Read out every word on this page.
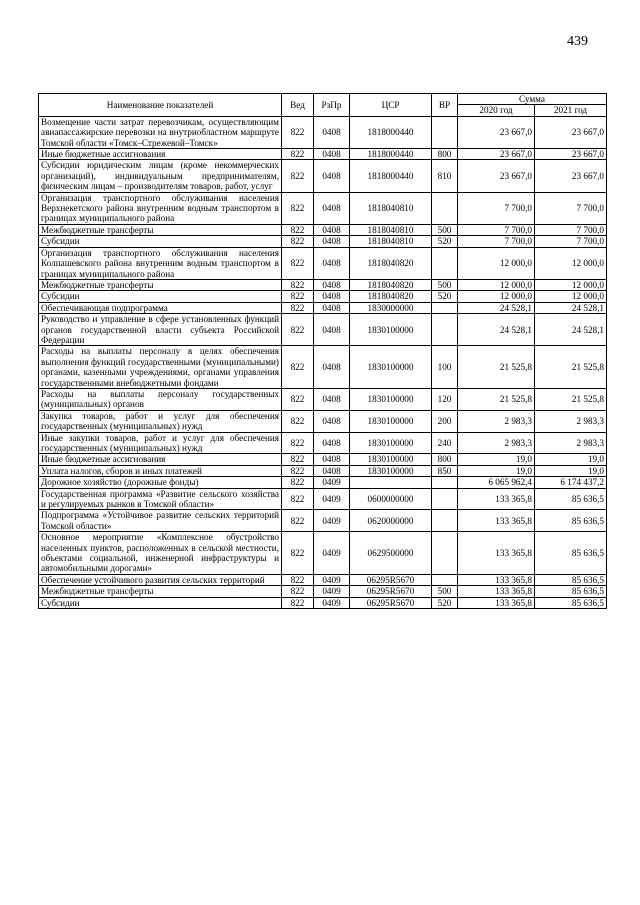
439
Наименование показателей	Вед	РзПр	ЦСР	ВР	Сумма	
					2020 год	2021 год
Возмещение части затрат перевозчикам, осуществляющим авиапассажирские перевозки на внутриобластном маршруте Томской области «Томск–Стрежевой–Томск»	822	0408	1818000440		23 667,0	23 667,0
Иные бюджетные ассигнования	822	0408	1818000440	800	23 667,0	23 667,0
Субсидии юридическим лицам (кроме некоммерческих организаций), индивидуальным предпринимателям, физическим лицам – производителям товаров, работ, услуг	822	0408	1818000440	810	23 667,0	23 667,0
Организация транспортного обслуживания населения Верхнекетского района внутренним водным транспортом в границах муниципального района	822	0408	1818040810		7 700,0	7 700,0
Межбюджетные трансферты	822	0408	1818040810	500	7 700,0	7 700,0
Субсидии	822	0408	1818040810	520	7 700,0	7 700,0
Организация транспортного обслуживания населения Колпашевского района внутренним водным транспортом в границах муниципального района	822	0408	1818040820		12 000,0	12 000,0
Межбюджетные трансферты	822	0408	1818040820	500	12 000,0	12 000,0
Субсидии	822	0408	1818040820	520	12 000,0	12 000,0
Обеспечивающая подпрограмма	822	0408	1830000000		24 528,1	24 528,1
Руководство и управление в сфере установленных функций органов государственной власти субъекта Российской Федерации	822	0408	1830100000		24 528,1	24 528,1
Расходы на выплаты персоналу в целях обеспечения выполнения функций государственными (муниципальными) органами, казенными учреждениями, органами управления государственными внебюджетными фондами	822	0408	1830100000	100	21 525,8	21 525,8
Расходы на выплаты персоналу государственных (муниципальных) органов	822	0408	1830100000	120	21 525,8	21 525,8
Закупка товаров, работ и услуг для обеспечения государственных (муниципальных) нужд	822	0408	1830100000	200	2 983,3	2 983,3
Иные закупки товаров, работ и услуг для обеспечения государственных (муниципальных) нужд	822	0408	1830100000	240	2 983,3	2 983,3
Иные бюджетные ассигнования	822	0408	1830100000	800	19,0	19,0
Уплата налогов, сборов и иных платежей	822	0408	1830100000	850	19,0	19,0
Дорожное хозяйство (дорожные фонды)	822	0409			6 065 962,4	6 174 437,2
Государственная программа «Развитие сельского хозяйства и регулируемых рынков в Томской области»	822	0409	0600000000		133 365,8	85 636,5
Подпрограмма «Устойчивое развитие сельских территорий Томской области»	822	0409	0620000000		133 365,8	85 636,5
Основное мероприятие «Комплексное обустройство населенных пунктов, расположенных в сельской местности, объектами социальной, инженерной инфраструктуры и автомобильными дорогами»	822	0409	0629500000		133 365,8	85 636,5
Обеспечение устойчивого развития сельских территорий	822	0409	06295R5670		133 365,8	85 636,5
Межбюджетные трансферты	822	0409	06295R5670	500	133 365,8	85 636,5
Субсидии	822	0409	06295R5670	520	133 365,8	85 636,5
